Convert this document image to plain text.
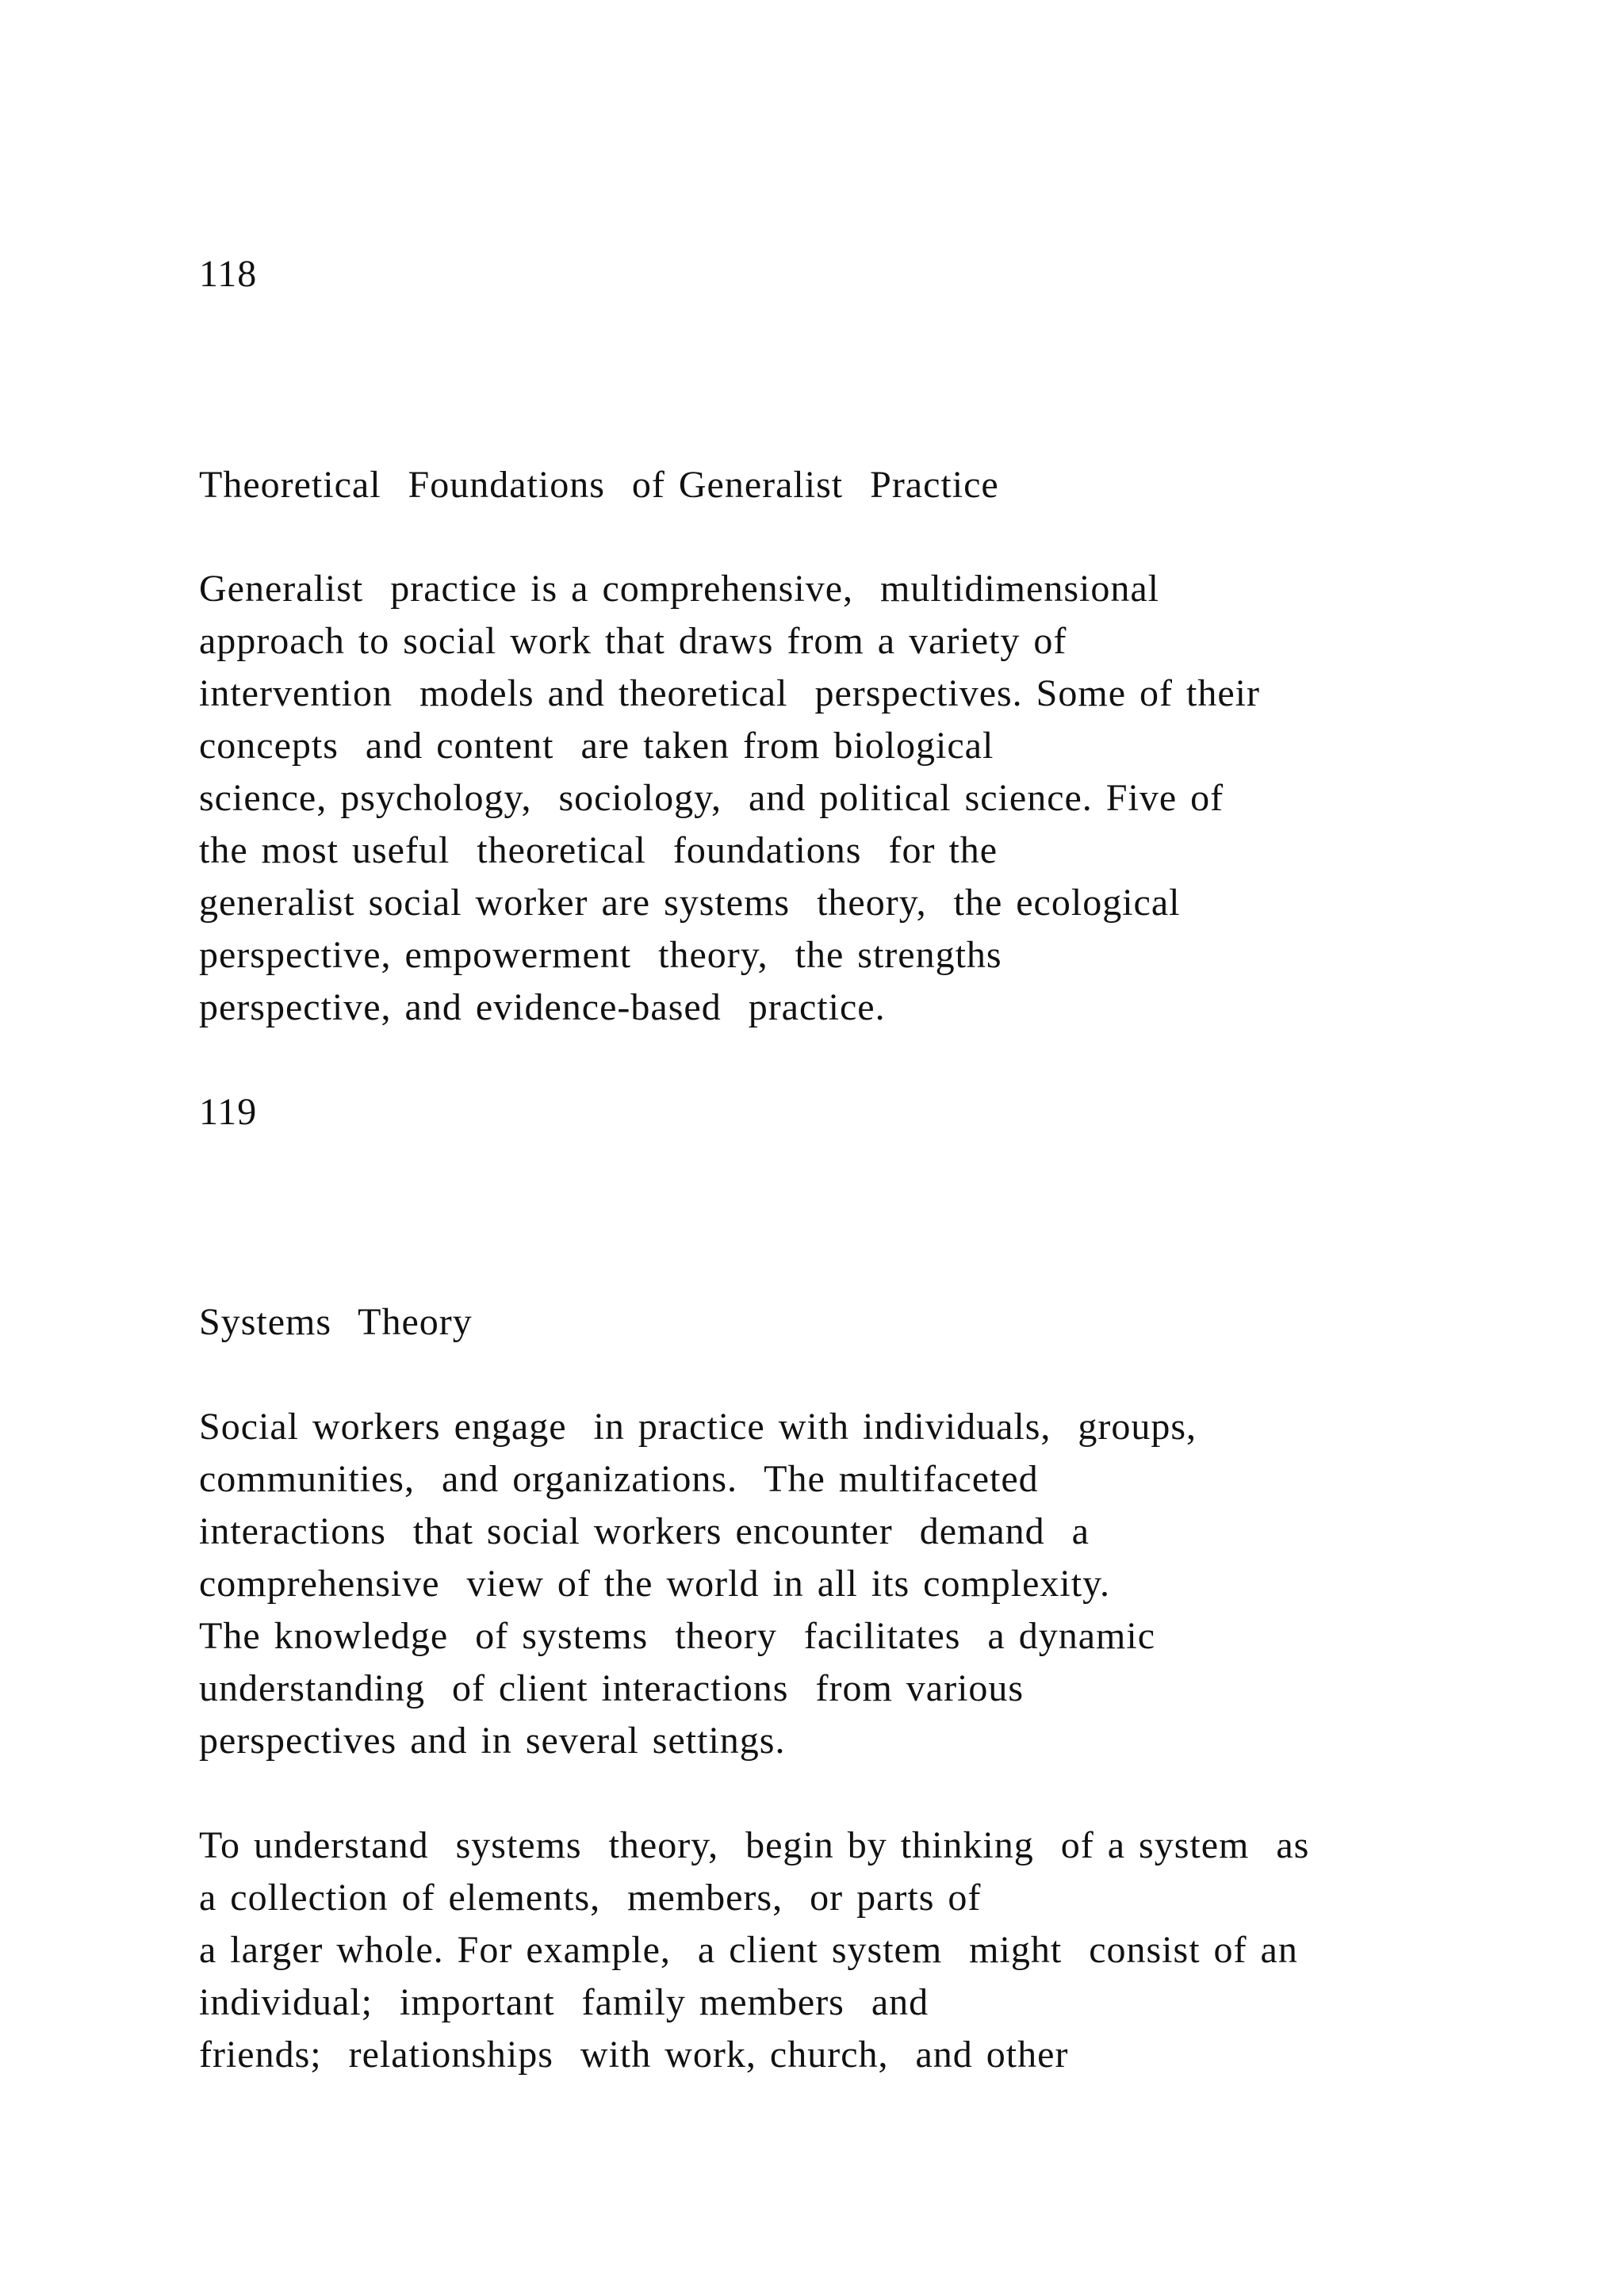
118
Theoretical  Foundations  of Generalist  Practice
Generalist  practice is a comprehensive,  multidimensional
approach to social work that draws from a variety of
intervention  models and theoretical  perspectives. Some of their
concepts  and content  are taken from biological
science, psychology,  sociology,  and political science. Five of
the most useful  theoretical  foundations  for the
generalist social worker are systems  theory,  the ecological
perspective, empowerment  theory,  the strengths
perspective, and evidence-based  practice.
119
Systems  Theory
Social workers engage  in practice with individuals,  groups,
communities,  and organizations.  The multifaceted
interactions  that social workers encounter  demand  a
comprehensive  view of the world in all its complexity.
The knowledge  of systems  theory  facilitates  a dynamic
understanding  of client interactions  from various
perspectives and in several settings.
To understand  systems  theory,  begin by thinking  of a system  as
a collection of elements,  members,  or parts of
a larger whole. For example,  a client system  might  consist of an
individual;  important  family members  and
friends;  relationships  with work, church,  and other
